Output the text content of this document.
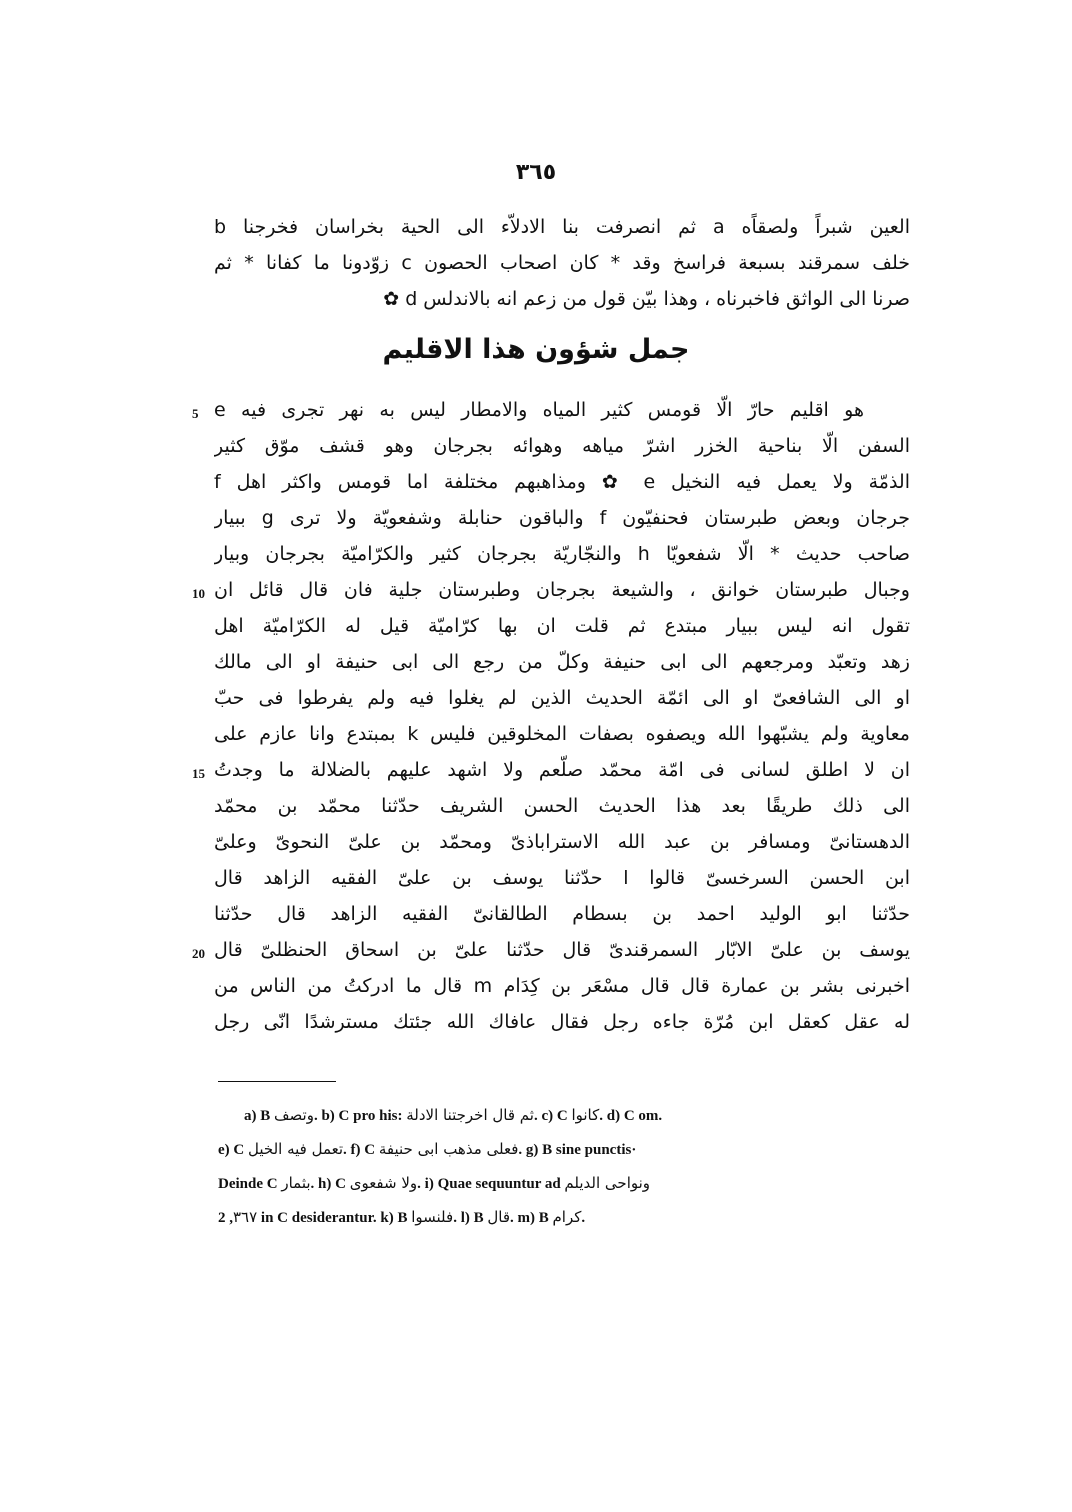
٣٦٥
العين شبراً ولصقاًه a ثم انصرفت بنا الادلاّء الى الحية بخراسان فخرجنا b
خلف سمرقند بسبعة فراسخ وقد * كان اصحاب الحصون c زوّدونا ما كفانا * ثم
صرنا الى الواثق فاخبرناه ، وهذا بيّن قول من زعم انه بالاندلس d ✿
جمل شؤون هذا الاقليم
هو اقليم حارّ الّا قومس كثير المياه والامطار ليس به نهر تجرى فيه e
السفن الّا بناحية الخزر اشرّ مياهه وهوائه بجرجان وهو قشف موّق كثير
الذمّة ولا يعمل فيه النخيل e ✿ ومذاهبهم مختلفة اما قومس واكثر اهل f
جرجان وبعض طبرستان فحنفيّون f والباقون حنابلة وشفعويّة ولا ترى g ببيار
صاحب حديث * الّا شفعويّا h والنجّاريّة بجرجان كثير والكرّاميّة بجرجان وبيار
وجبال طبرستان خوانق ، والشيعة بجرجان وطبرستان جلية فان قال قائل ان
تقول انه ليس ببيار مبتدع ثم قلت ان بها كرّاميّة قيل له الكرّاميّة اهل
زهد وتعبّد ومرجعهم الى ابى حنيفة وكلّ من رجع الى ابى حنيفة او الى مالك
او الى الشافعىّ او الى ائمّة الحديث الذين لم يغلوا فيه ولم يفرطوا فى حبّ
معاوية ولم يشبّهوا الله ويصفوه بصفات المخلوقين فليس k بمبتدع وانا عازم على
ان لا اطلق لسانى فى امّة محمّد صلّعم ولا اشهد عليهم بالضلالة ما وجدتُ
الى ذلك طريقًا بعد هذا الحديث الحسن الشريف حدّثنا محمّد بن محمّد
الدهستانىّ ومسافر بن عبد الله الاستراباذىّ ومحمّد بن علىّ النحوىّ وعلىّ
ابن الحسن السرخسىّ قالوا l حدّثنا يوسف بن علىّ الفقيه الزاهد قال
حدّثنا ابو الوليد احمد بن بسطام الطالقانىّ الفقيه الزاهد قال حدّثنا
يوسف بن علىّ الابّار السمرقندىّ قال حدّثنا علىّ بن اسحاق الحنظلىّ قال
اخبرنى بشر بن عمارة قال قال مسْعَر بن كِدَام m قال ما ادركتُ من الناس من
له عقل كعقل ابن مُرّة جاءه رجل فقال عافاك الله جئتك مسترشدًا انّى رجل
5
10
15
20
a) B وتصف. b) C pro his: ثم قال اخرجتنا الادلة. c) C كانوا. d) C om.
e) C تعمل فيه الخيل. f) C فعلى مذهب ابى حنيفة. g) B sine punctis·
Deinde C بثمار. h) C ولا شفعوى. i) Quae sequuntur ad ونواحى الديلم
٣٦٧, 2 in C desiderantur. k) B فلنسوا. l) B قال. m) B كرام.
